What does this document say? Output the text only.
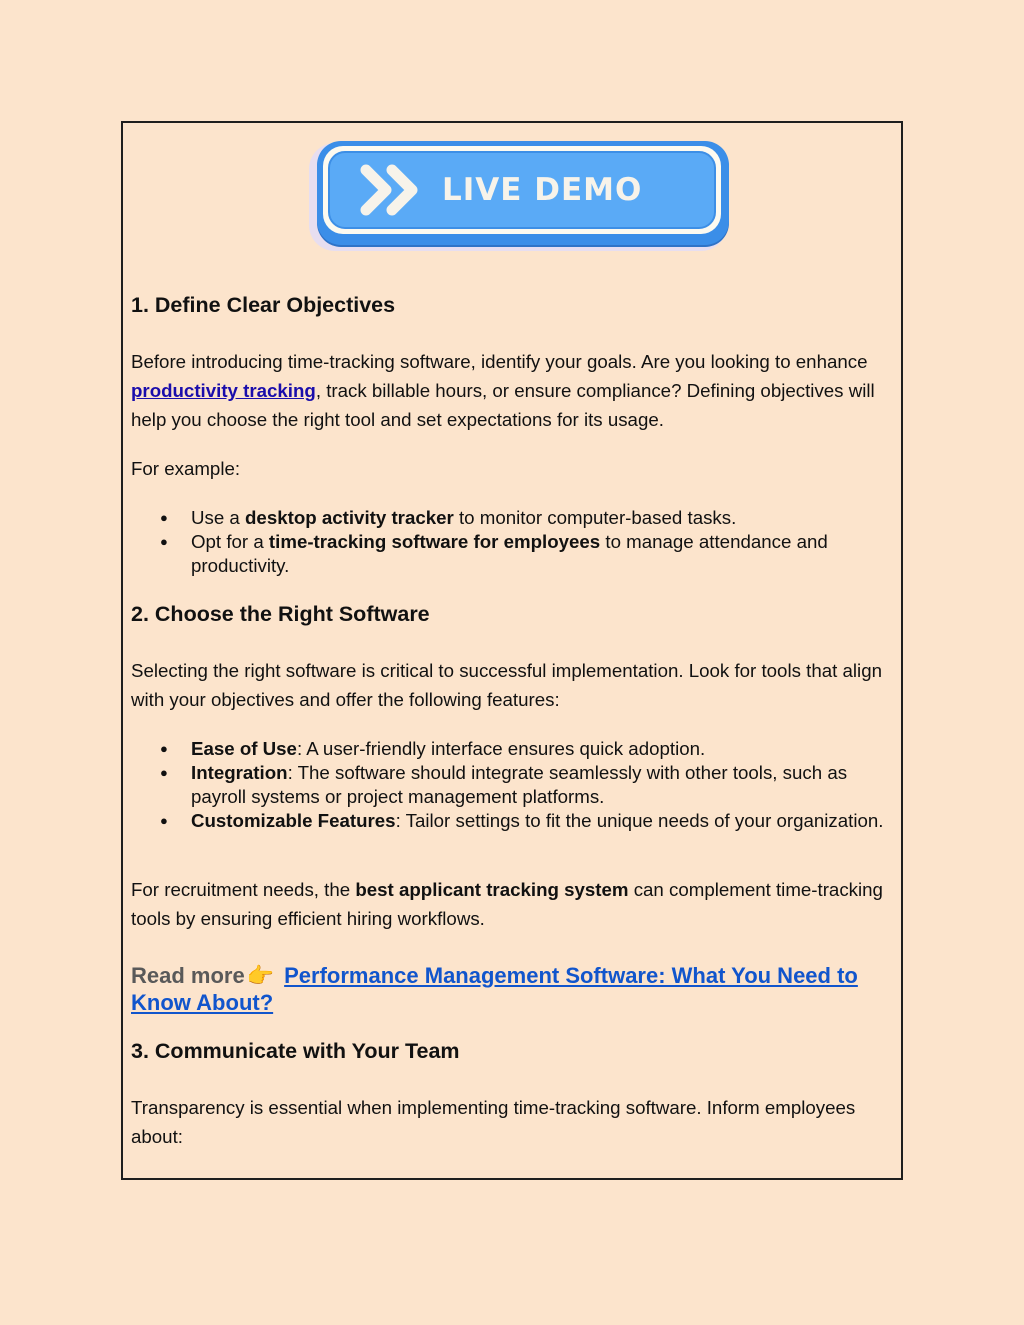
LIVE DEMO
1. Define Clear Objectives

Before introducing time-tracking software, identify your goals. Are you looking to enhance productivity tracking, track billable hours, or ensure compliance? Defining objectives will help you choose the right tool and set expectations for its usage.

For example:

● Use a desktop activity tracker to monitor computer-based tasks.
● Opt for a time-tracking software for employees to manage attendance and productivity.
2. Choose the Right Software

Selecting the right software is critical to successful implementation. Look for tools that align with your objectives and offer the following features:

● Ease of Use: A user-friendly interface ensures quick adoption.
● Integration: The software should integrate seamlessly with other tools, such as payroll systems or project management platforms.
● Customizable Features: Tailor settings to fit the unique needs of your organization.

For recruitment needs, the best applicant tracking system can complement time-tracking tools by ensuring efficient hiring workflows.

Read more👉 Performance Management Software: What You Need to Know About?
3. Communicate with Your Team

Transparency is essential when implementing time-tracking software. Inform employees about:
